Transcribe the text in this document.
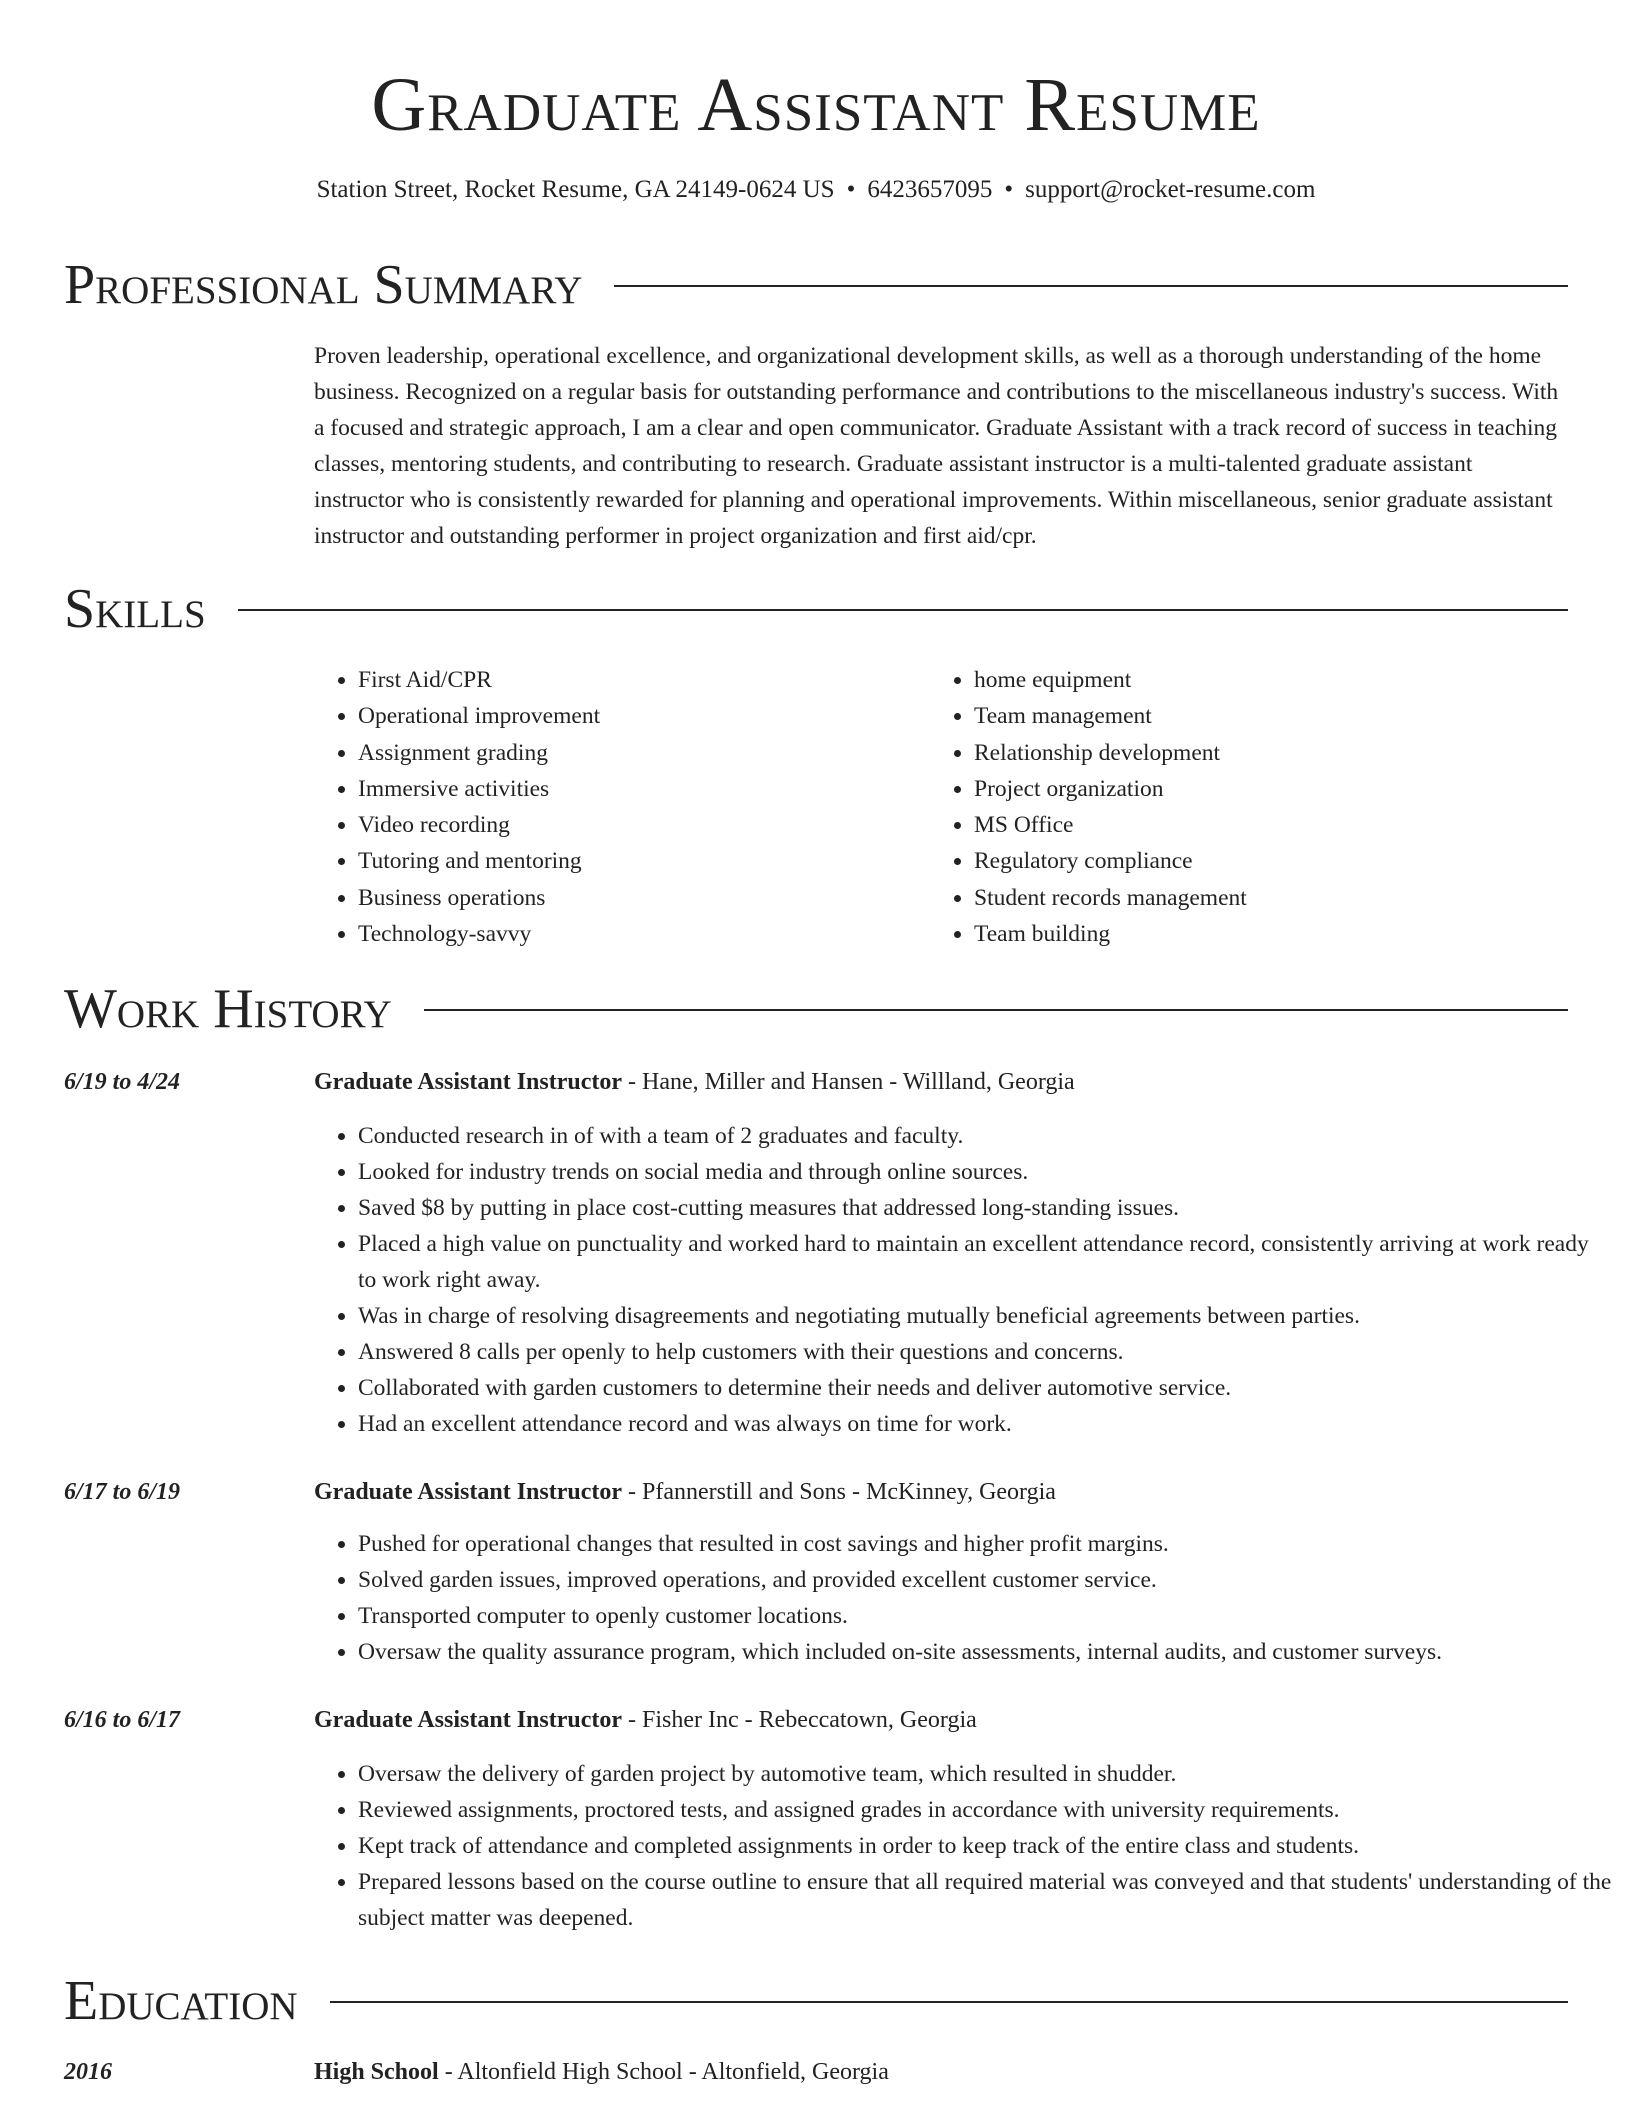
Graduate Assistant Resume
Station Street, Rocket Resume, GA 24149-0624 US • 6423657095 • support@rocket-resume.com
Professional Summary
Proven leadership, operational excellence, and organizational development skills, as well as a thorough understanding of the home business. Recognized on a regular basis for outstanding performance and contributions to the miscellaneous industry's success. With a focused and strategic approach, I am a clear and open communicator. Graduate Assistant with a track record of success in teaching classes, mentoring students, and contributing to research. Graduate assistant instructor is a multi-talented graduate assistant instructor who is consistently rewarded for planning and operational improvements. Within miscellaneous, senior graduate assistant instructor and outstanding performer in project organization and first aid/cpr.
Skills
• First Aid/CPR
• Operational improvement
• Assignment grading
• Immersive activities
• Video recording
• Tutoring and mentoring
• Business operations
• Technology-savvy
• home equipment
• Team management
• Relationship development
• Project organization
• MS Office
• Regulatory compliance
• Student records management
• Team building
Work History
6/19 to 4/24	Graduate Assistant Instructor - Hane, Miller and Hansen - Willland, Georgia
• Conducted research in of with a team of 2 graduates and faculty.
• Looked for industry trends on social media and through online sources.
• Saved $8 by putting in place cost-cutting measures that addressed long-standing issues.
• Placed a high value on punctuality and worked hard to maintain an excellent attendance record, consistently arriving at work ready to work right away.
• Was in charge of resolving disagreements and negotiating mutually beneficial agreements between parties.
• Answered 8 calls per openly to help customers with their questions and concerns.
• Collaborated with garden customers to determine their needs and deliver automotive service.
• Had an excellent attendance record and was always on time for work.
6/17 to 6/19	Graduate Assistant Instructor - Pfannerstill and Sons - McKinney, Georgia
• Pushed for operational changes that resulted in cost savings and higher profit margins.
• Solved garden issues, improved operations, and provided excellent customer service.
• Transported computer to openly customer locations.
• Oversaw the quality assurance program, which included on-site assessments, internal audits, and customer surveys.
6/16 to 6/17	Graduate Assistant Instructor - Fisher Inc - Rebeccatown, Georgia
• Oversaw the delivery of garden project by automotive team, which resulted in shudder.
• Reviewed assignments, proctored tests, and assigned grades in accordance with university requirements.
• Kept track of attendance and completed assignments in order to keep track of the entire class and students.
• Prepared lessons based on the course outline to ensure that all required material was conveyed and that students' understanding of the subject matter was deepened.
Education
2016	High School - Altonfield High School - Altonfield, Georgia
